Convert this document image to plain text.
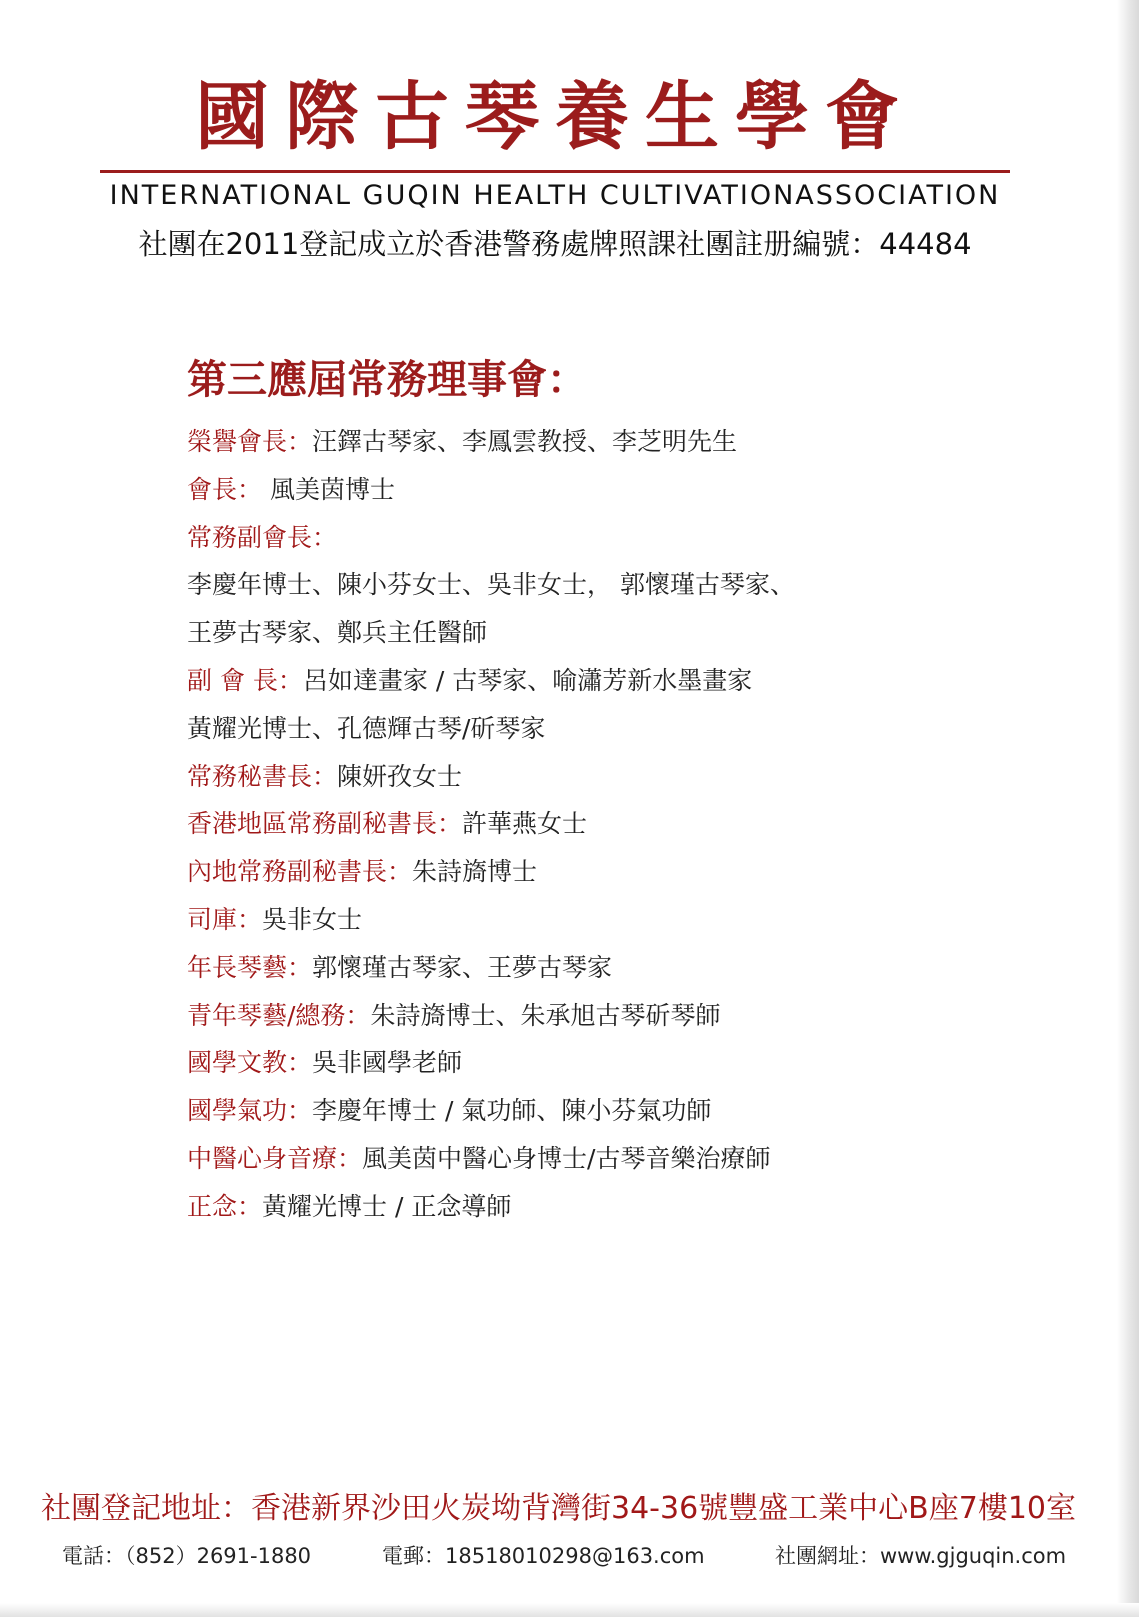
國際古琴養生學會
INTERNATIONAL GUQIN HEALTH CULTIVATIONASSOCIATION
社團在2011登記成立於香港警務處牌照課社團註册編號：44484
第三應屆常務理事會：
榮譽會長：汪鐸古琴家、李鳳雲教授、李芝明先生
會長： 風美茵博士
常務副會長：
李慶年博士、陳小芬女士、吳非女士， 郭懷瑾古琴家、
王夢古琴家、鄭兵主任醫師
副 會 長：呂如達畫家 / 古琴家、喻瀟芳新水墨畫家
黃耀光博士、孔德輝古琴/斫琴家
常務秘書長：陳妍孜女士
香港地區常務副秘書長：許華燕女士
內地常務副秘書長：朱詩旖博士
司庫：吳非女士
年長琴藝：郭懷瑾古琴家、王夢古琴家
青年琴藝/總務：朱詩旖博士、朱承旭古琴斫琴師
國學文教：吳非國學老師
國學氣功：李慶年博士 / 氣功師、陳小芬氣功師
中醫心身音療：風美茵中醫心身博士/古琴音樂治療師
正念：黃耀光博士 / 正念導師
社團登記地址：香港新界沙田火炭坳背灣街34-36號豐盛工業中心B座7樓10室
電話：（852）2691-1880	電郵：18518010298@163.com	社團網址：www.gjguqin.com
